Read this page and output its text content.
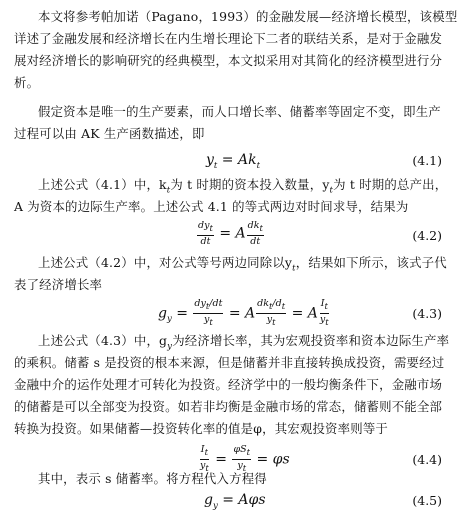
本文将参考帕加诺（Pagano，1993）的金融发展—经济增长模型，该模型
详述了金融发展和经济增长在内生增长理论下二者的联结关系，是对于金融发
展对经济增长的影响研究的经典模型，本文拟采用对其简化的经济模型进行分
析。
假定资本是唯一的生产要素，而人口增长率、储蓄率等固定不变，即生产
过程可以由 AK 生产函数描述，即
$y_t = Ak_t$	(4.1)
上述公式（4.1）中，$k_t$为 t 时期的资本投入数量，$y_t$为 t 时期的总产出，
A 为资本的边际生产率。上述公式 4.1 的等式两边对时间求导，结果为
$\frac{dy_t}{dt} = A \frac{dk_t}{dt}$	(4.2)
上述公式（4.2）中，对公式等号两边同除以$y_t$，结果如下所示，该式子代
表了经济增长率
$g_y = \frac{dy_t/dt}{y_t} = A \frac{dk_t/d_t}{y_t} = A \frac{I_t}{y_t}$	(4.3)
上述公式（4.3）中，$g_y$为经济增长率，其为宏观投资率和资本边际生产率
的乘积。储蓄 s 是投资的根本来源，但是储蓄并非直接转换成投资，需要经过
金融中介的运作处理才可转化为投资。经济学中的一般均衡条件下，金融市场
的储蓄是可以全部变为投资。如若非均衡是金融市场的常态，储蓄则不能全部
转换为投资。如果储蓄—投资转化率的值是φ，其宏观投资率则等于
$\frac{I_t}{y_t} = \frac{\varphi S_t}{y_t} = \varphi s$	(4.4)
其中，表示 s 储蓄率。将方程代入方程得
$g_y = A\varphi s$	(4.5)
